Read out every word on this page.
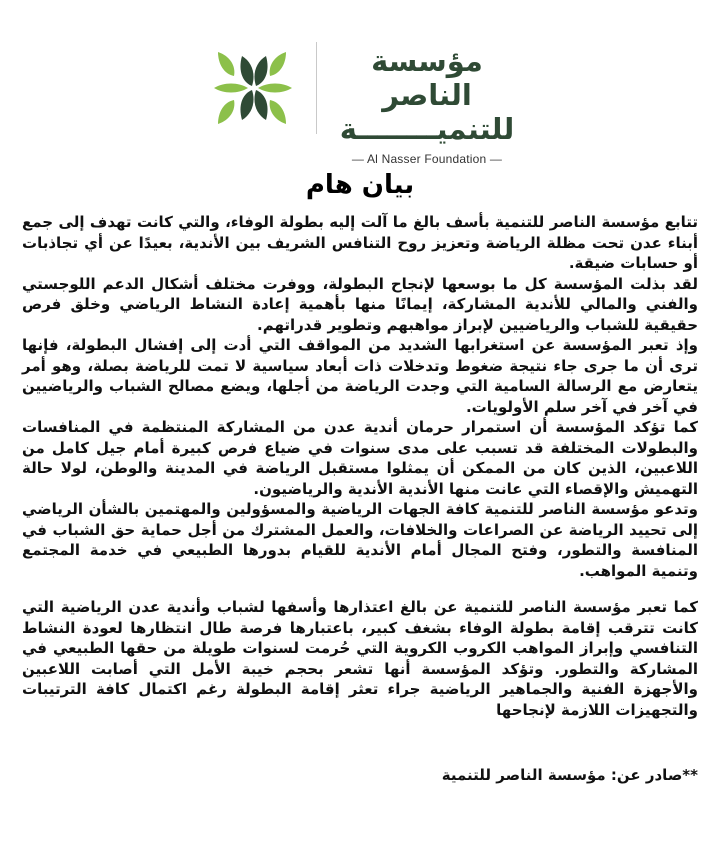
مؤسسة الناصر
للتنميــــــــة
— Al Nasser Foundation —
بيان هام

تتابع مؤسسة الناصر للتنمية بأسف بالغ ما آلت إليه بطولة الوفاء، والتي كانت تهدف إلى جمع أبناء عدن تحت مظلة الرياضة وتعزيز روح التنافس الشريف بين الأندية، بعيدًا عن أي تجاذبات أو حسابات ضيقة.

لقد بذلت المؤسسة كل ما بوسعها لإنجاح البطولة، ووفرت مختلف أشكال الدعم اللوجستي والفني والمالي للأندية المشاركة، إيمانًا منها بأهمية إعادة النشاط الرياضي وخلق فرص حقيقية للشباب والرياضيين لإبراز مواهبهم وتطوير قدراتهم.

وإذ تعبر المؤسسة عن استغرابها الشديد من المواقف التي أدت إلى إفشال البطولة، فإنها ترى أن ما جرى جاء نتيجة ضغوط وتدخلات ذات أبعاد سياسية لا تمت للرياضة بصلة، وهو أمر يتعارض مع الرسالة السامية التي وجدت الرياضة من أجلها، ويضع مصالح الشباب والرياضيين في آخر في آخر سلم الأولويات.

كما تؤكد المؤسسة أن استمرار حرمان أندية عدن من المشاركة المنتظمة في المنافسات والبطولات المختلفة قد تسبب على مدى سنوات في ضياع فرص كبيرة أمام جيل كامل من اللاعبين، الذين كان من الممكن أن يمثلوا مستقبل الرياضة في المدينة والوطن، لولا حالة التهميش والإقصاء التي عانت منها الأندية الأندية والرياضيون.

وتدعو مؤسسة الناصر للتنمية كافة الجهات الرياضية والمسؤولين والمهتمين بالشأن الرياضي إلى تحييد الرياضة عن الصراعات والخلافات، والعمل المشترك من أجل حماية حق الشباب في المنافسة والتطور، وفتح المجال أمام الأندية للقيام بدورها الطبيعي في خدمة المجتمع وتنمية المواهب.

كما تعبر مؤسسة الناصر للتنمية عن بالغ اعتذارها وأسفها لشباب وأندية عدن الرياضية التي كانت تترقب إقامة بطولة الوفاء بشغف كبير، باعتبارها فرصة طال انتظارها لعودة النشاط التنافسي وإبراز المواهب الكروب الكروية التي حُرمت لسنوات طويلة من حقها الطبيعي في المشاركة والتطور. وتؤكد المؤسسة أنها تشعر بحجم خيبة الأمل التي أصابت اللاعبين والأجهزة الفنية والجماهير الرياضية جراء تعثر إقامة البطولة رغم اكتمال كافة الترتيبات والتجهيزات اللازمة لإنجاحها

**صادر عن: مؤسسة الناصر للتنمية
